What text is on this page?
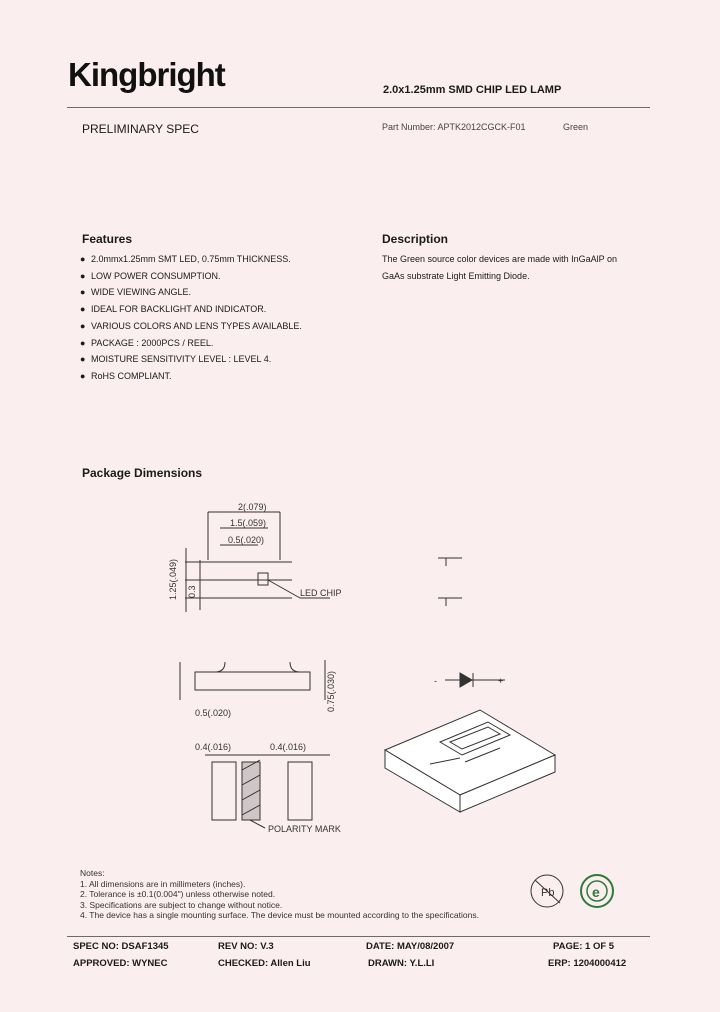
Kingbright	2.0x1.25mm SMD CHIP LED LAMP
PRELIMINARY SPEC	Part Number: APTK2012CGCK-F01	Green
Features
● 2.0mmx1.25mm SMT LED, 0.75mm THICKNESS.
● LOW POWER CONSUMPTION.
● WIDE VIEWING ANGLE.
● IDEAL FOR BACKLIGHT AND INDICATOR.
● VARIOUS COLORS AND LENS TYPES AVAILABLE.
● PACKAGE : 2000PCS / REEL.
● MOISTURE SENSITIVITY LEVEL : LEVEL 4.
● RoHS COMPLIANT.
Description
The Green source color devices are made with InGaAlP on
GaAs substrate Light Emitting Diode.
Package Dimensions
2(.079)
1.5(.059)
0.5(.020)
LED CHIP
0.5(.020)
0.4(.016)	0.4(.016)
POLARITY MARK
-	+
Pb	e
1.25(.049) 0.3
0.75(.030)
Notes:
1. All dimensions are in millimeters (inches).
2. Tolerance is ±0.1(0.004") unless otherwise noted.
3. Specifications are subject to change without notice.
4. The device has a single mounting surface. The device must be mounted according to the specifications.
SPEC NO: DSAF1345	REV NO: V.3	DATE: MAY/08/2007	PAGE: 1 OF 5
APPROVED: WYNEC	CHECKED: Allen Liu	DRAWN: Y.L.LI	ERP: 1204000412
